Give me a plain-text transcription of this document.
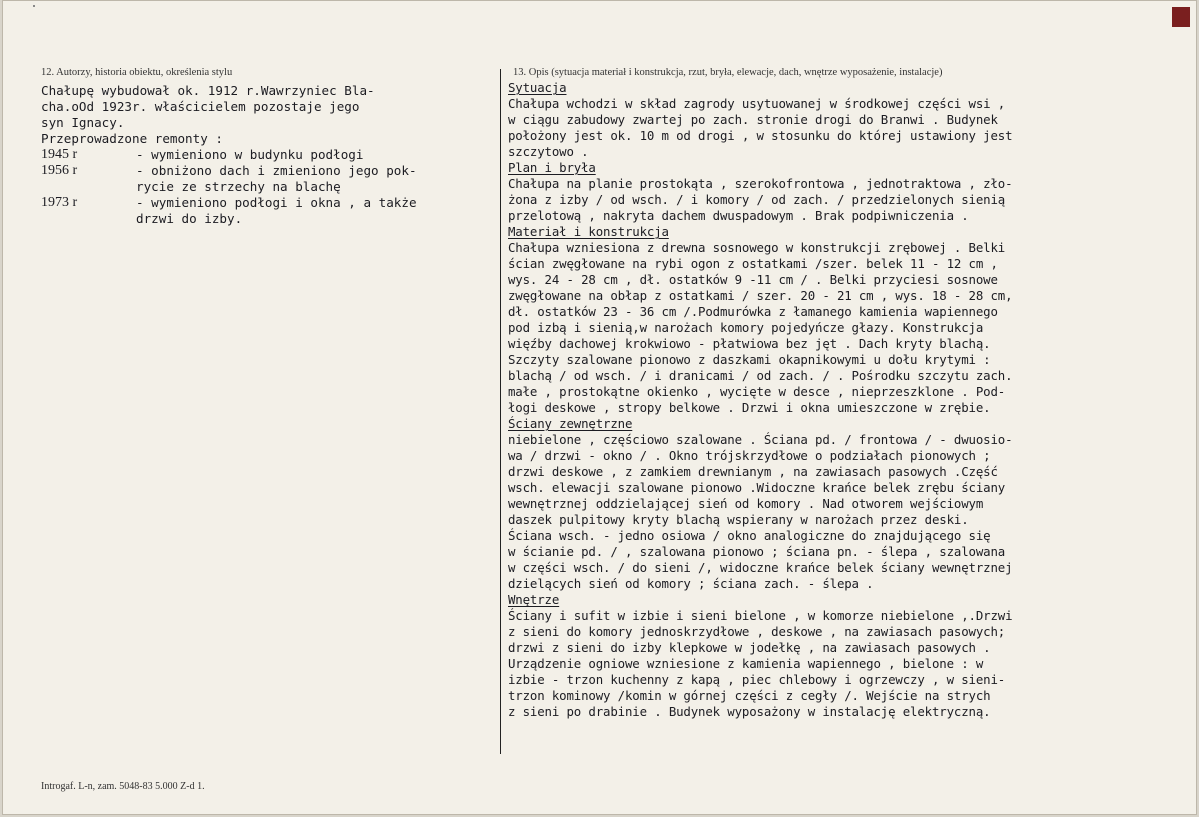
12. Autorzy, historia obiektu, określenia stylu	13. Opis (sytuacja materiał i konstrukcja, rzut, bryła, elewacje, dach, wnętrze wyposażenie, instalacje)
Chałupę wybudował ok. 1912 r.Wawrzyniec Bla-
cha.oOd 1923r. właścicielem pozostaje jego
syn Ignacy.
Przeprowadzone remonty :
1945 r	- wymieniono w budynku podłogi
1956 r	- obniżono dach i zmieniono jego pok-
rycie ze strzechy na blachę
1973 r	- wymieniono podłogi i okna , a także
drzwi do izby.
Sytuacja
Chałupa wchodzi w skład zagrody usytuowanej w środkowej części wsi ,
w ciągu zabudowy zwartej po zach. stronie drogi do Branwi . Budynek
położony jest ok. 10 m od drogi , w stosunku do której ustawiony jest
szczytowo .
Plan i bryła
Chałupa na planie prostokąta , szerokofrontowa , jednotraktowa , zło-
żona z izby / od wsch. / i komory / od zach. / przedzielonych sienią
przelotową , nakryta dachem dwuspadowym . Brak podpiwniczenia .
Materiał i konstrukcja
Chałupa wzniesiona z drewna sosnowego w konstrukcji zrębowej . Belki
ścian zwęgłowane na rybi ogon z ostatkami /szer. belek 11 - 12 cm ,
wys. 24 - 28 cm , dł. ostatków 9 -11 cm / . Belki przyciesi sosnowe
zwęgłowane na obłap z ostatkami / szer. 20 - 21 cm , wys. 18 - 28 cm,
dł. ostatków 23 - 36 cm /.Podmurówka z łamanego kamienia wapiennego
pod izbą i sienią,w narożach komory pojedyńcze głazy. Konstrukcja
więźby dachowej krokwiowo - płatwiowa bez jęt . Dach kryty blachą.
Szczyty szalowane pionowo z daszkami okapnikowymi u dołu krytymi :
blachą / od wsch. / i dranicami / od zach. / . Pośrodku szczytu zach.
małe , prostokątne okienko , wycięte w desce , nieprzeszklone . Pod-
łogi deskowe , stropy belkowe . Drzwi i okna umieszczone w zrębie.
Ściany zewnętrzne
niebielone , częściowo szalowane . Ściana pd. / frontowa / - dwuosio-
wa / drzwi - okno / . Okno trójskrzydłowe o podziałach pionowych ;
drzwi deskowe , z zamkiem drewnianym , na zawiasach pasowych .Część
wsch. elewacji szalowane pionowo .Widoczne krańce belek zrębu ściany
wewnętrznej oddzielającej sień od komory . Nad otworem wejściowym
daszek pulpitowy kryty blachą wspierany w narożach przez deski.
Ściana wsch. - jedno osiowa / okno analogiczne do znajdującego się
w ścianie pd. / , szalowana pionowo ; ściana pn. - ślepa , szalowana
w części wsch. / do sieni /, widoczne krańce belek ściany wewnętrznej
dzielących sień od komory ; ściana zach. - ślepa .
Wnętrze
Ściany i sufit w izbie i sieni bielone , w komorze niebielone ,.Drzwi
z sieni do komory jednoskrzydłowe , deskowe , na zawiasach pasowych;
drzwi z sieni do izby klepkowe w jodełkę , na zawiasach pasowych .
Urządzenie ogniowe wzniesione z kamienia wapiennego , bielone : w
izbie - trzon kuchenny z kapą , piec chlebowy i ogrzewczy , w sieni-
trzon kominowy /komin w górnej części z cegły /. Wejście na strych
z sieni po drabinie . Budynek wyposażony w instalację elektryczną.
Introgaf. L-n, zam. 5048-83 5.000 Z-d 1.
